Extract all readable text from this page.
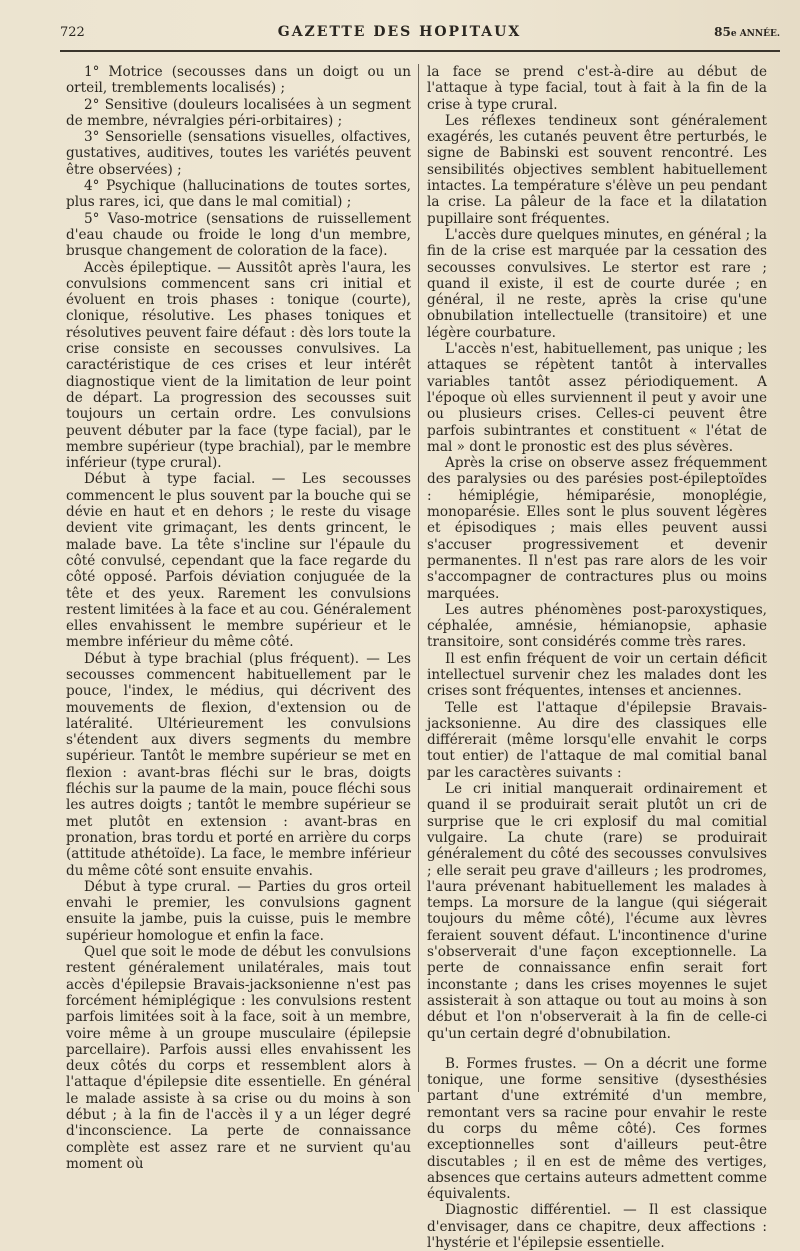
722	GAZETTE DES HOPITAUX	85e ANNÉE.

1° Motrice (secousses dans un doigt ou un orteil, tremblements localisés) ;

2° Sensitive (douleurs localisées à un segment de membre, névralgies péri-orbitaires) ;

3° Sensorielle (sensations visuelles, olfactives, gustatives, auditives, toutes les variétés peuvent être observées) ;

4° Psychique (hallucinations de toutes sortes, plus rares, ici, que dans le mal comitial) ;

5° Vaso-motrice (sensations de ruissellement d'eau chaude ou froide le long d'un membre, brusque changement de coloration de la face).

Accès épileptique. — Aussitôt après l'aura, les convulsions commencent sans cri initial et évoluent en trois phases : tonique (courte), clonique, résolutive. Les phases toniques et résolutives peuvent faire défaut : dès lors toute la crise consiste en secousses convulsives. La caractéristique de ces crises et leur intérêt diagnostique vient de la limitation de leur point de départ. La progression des secousses suit toujours un certain ordre. Les convulsions peuvent débuter par la face (type facial), par le membre supérieur (type brachial), par le membre inférieur (type crural).

Début à type facial. — Les secousses commencent le plus souvent par la bouche qui se dévie en haut et en dehors ; le reste du visage devient vite grimaçant, les dents grincent, le malade bave. La tête s'incline sur l'épaule du côté convulsé, cependant que la face regarde du côté opposé. Parfois déviation conjuguée de la tête et des yeux. Rarement les convulsions restent limitées à la face et au cou. Généralement elles envahissent le membre supérieur et le membre inférieur du même côté.

Début à type brachial (plus fréquent). — Les secousses commencent habituellement par le pouce, l'index, le médius, qui décrivent des mouvements de flexion, d'extension ou de latéralité. Ultérieurement les convulsions s'étendent aux divers segments du membre supérieur. Tantôt le membre supérieur se met en flexion : avant-bras fléchi sur le bras, doigts fléchis sur la paume de la main, pouce fléchi sous les autres doigts ; tantôt le membre supérieur se met plutôt en extension : avant-bras en pronation, bras tordu et porté en arrière du corps (attitude athétoïde). La face, le membre inférieur du même côté sont ensuite envahis.

Début à type crural. — Parties du gros orteil envahi le premier, les convulsions gagnent ensuite la jambe, puis la cuisse, puis le membre supérieur homologue et enfin la face.

Quel que soit le mode de début les convulsions restent généralement unilatérales, mais tout accès d'épilepsie Bravais-jacksonienne n'est pas forcément hémiplégique : les convulsions restent parfois limitées soit à la face, soit à un membre, voire même à un groupe musculaire (épilepsie parcellaire). Parfois aussi elles envahissent les deux côtés du corps et ressemblent alors à l'attaque d'épilepsie dite essentielle. En général le malade assiste à sa crise ou du moins à son début ; à la fin de l'accès il y a un léger degré d'inconscience. La perte de connaissance complète est assez rare et ne survient qu'au moment où

la face se prend c'est-à-dire au début de l'attaque à type facial, tout à fait à la fin de la crise à type crural.

Les réflexes tendineux sont généralement exagérés, les cutanés peuvent être perturbés, le signe de Babinski est souvent rencontré. Les sensibilités objectives semblent habituellement intactes. La température s'élève un peu pendant la crise. La pâleur de la face et la dilatation pupillaire sont fréquentes.

L'accès dure quelques minutes, en général ; la fin de la crise est marquée par la cessation des secousses convulsives. Le stertor est rare ; quand il existe, il est de courte durée ; en général, il ne reste, après la crise qu'une obnubilation intellectuelle (transitoire) et une légère courbature.

L'accès n'est, habituellement, pas unique ; les attaques se répètent tantôt à intervalles variables tantôt assez périodiquement. A l'époque où elles surviennent il peut y avoir une ou plusieurs crises. Celles-ci peuvent être parfois subintrantes et constituent « l'état de mal » dont le pronostic est des plus sévères.

Après la crise on observe assez fréquemment des paralysies ou des parésies post-épileptoïdes : hémiplégie, hémiparésie, monoplégie, monoparésie. Elles sont le plus souvent légères et épisodiques ; mais elles peuvent aussi s'accuser progressivement et devenir permanentes. Il n'est pas rare alors de les voir s'accompagner de contractures plus ou moins marquées.

Les autres phénomènes post-paroxystiques, céphalée, amnésie, hémianopsie, aphasie transitoire, sont considérés comme très rares.

Il est enfin fréquent de voir un certain déficit intellectuel survenir chez les malades dont les crises sont fréquentes, intenses et anciennes.

Telle est l'attaque d'épilepsie Bravais-jacksonienne. Au dire des classiques elle différerait (même lorsqu'elle envahit le corps tout entier) de l'attaque de mal comitial banal par les caractères suivants :

Le cri initial manquerait ordinairement et quand il se produirait serait plutôt un cri de surprise que le cri explosif du mal comitial vulgaire. La chute (rare) se produirait généralement du côté des secousses convulsives ; elle serait peu grave d'ailleurs ; les prodromes, l'aura prévenant habituellement les malades à temps. La morsure de la langue (qui siégerait toujours du même côté), l'écume aux lèvres feraient souvent défaut. L'incontinence d'urine s'observerait d'une façon exceptionnelle. La perte de connaissance enfin serait fort inconstante ; dans les crises moyennes le sujet assisterait à son attaque ou tout au moins à son début et l'on n'observerait à la fin de celle-ci qu'un certain degré d'obnubilation.

B. Formes frustes. — On a décrit une forme tonique, une forme sensitive (dysesthésies partant d'une extrémité d'un membre, remontant vers sa racine pour envahir le reste du corps du même côté). Ces formes exceptionnelles sont d'ailleurs peut-être discutables ; il en est de même des vertiges, absences que certains auteurs admettent comme équivalents.

Diagnostic différentiel. — Il est classique d'envisager, dans ce chapitre, deux affections : l'hystérie et l'épilepsie essentielle.
